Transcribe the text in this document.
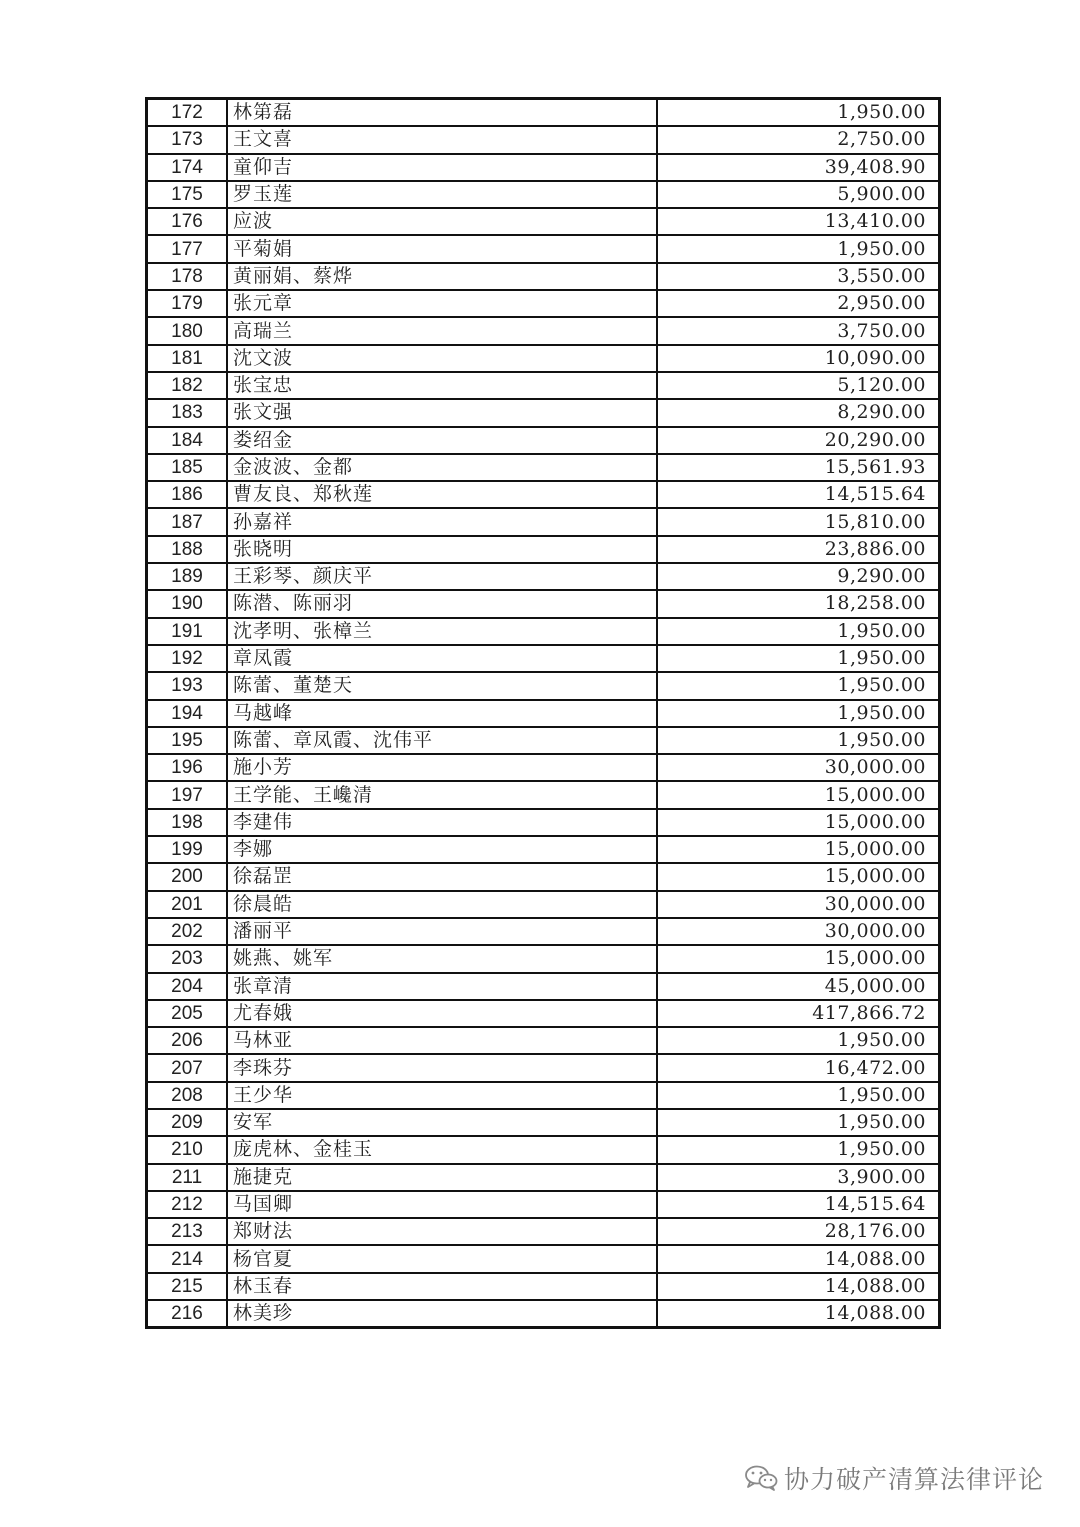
172	林第磊	1,950.00
173	王文喜	2,750.00
174	童仰吉	39,408.90
175	罗玉莲	5,900.00
176	应波	13,410.00
177	平菊娟	1,950.00
178	黄丽娟、蔡烨	3,550.00
179	张元章	2,950.00
180	高瑞兰	3,750.00
181	沈文波	10,090.00
182	张宝忠	5,120.00
183	张文强	8,290.00
184	娄绍金	20,290.00
185	金波波、金都	15,561.93
186	曹友良、郑秋莲	14,515.64
187	孙嘉祥	15,810.00
188	张晓明	23,886.00
189	王彩琴、颜庆平	9,290.00
190	陈潜、陈丽羽	18,258.00
191	沈孝明、张樟兰	1,950.00
192	章凤霞	1,950.00
193	陈蕾、董楚天	1,950.00
194	马越峰	1,950.00
195	陈蕾、章凤霞、沈伟平	1,950.00
196	施小芳	30,000.00
197	王学能、王巉清	15,000.00
198	李建伟	15,000.00
199	李娜	15,000.00
200	徐磊罡	15,000.00
201	徐晨皓	30,000.00
202	潘丽平	30,000.00
203	姚燕、姚军	15,000.00
204	张章清	45,000.00
205	尤春娥	417,866.72
206	马林亚	1,950.00
207	李珠芬	16,472.00
208	王少华	1,950.00
209	安军	1,950.00
210	庞虎林、金桂玉	1,950.00
211	施捷克	3,900.00
212	马国卿	14,515.64
213	郑财法	28,176.00
214	杨官夏	14,088.00
215	林玉春	14,088.00
216	林美珍	14,088.00
协力破产清算法律评论
